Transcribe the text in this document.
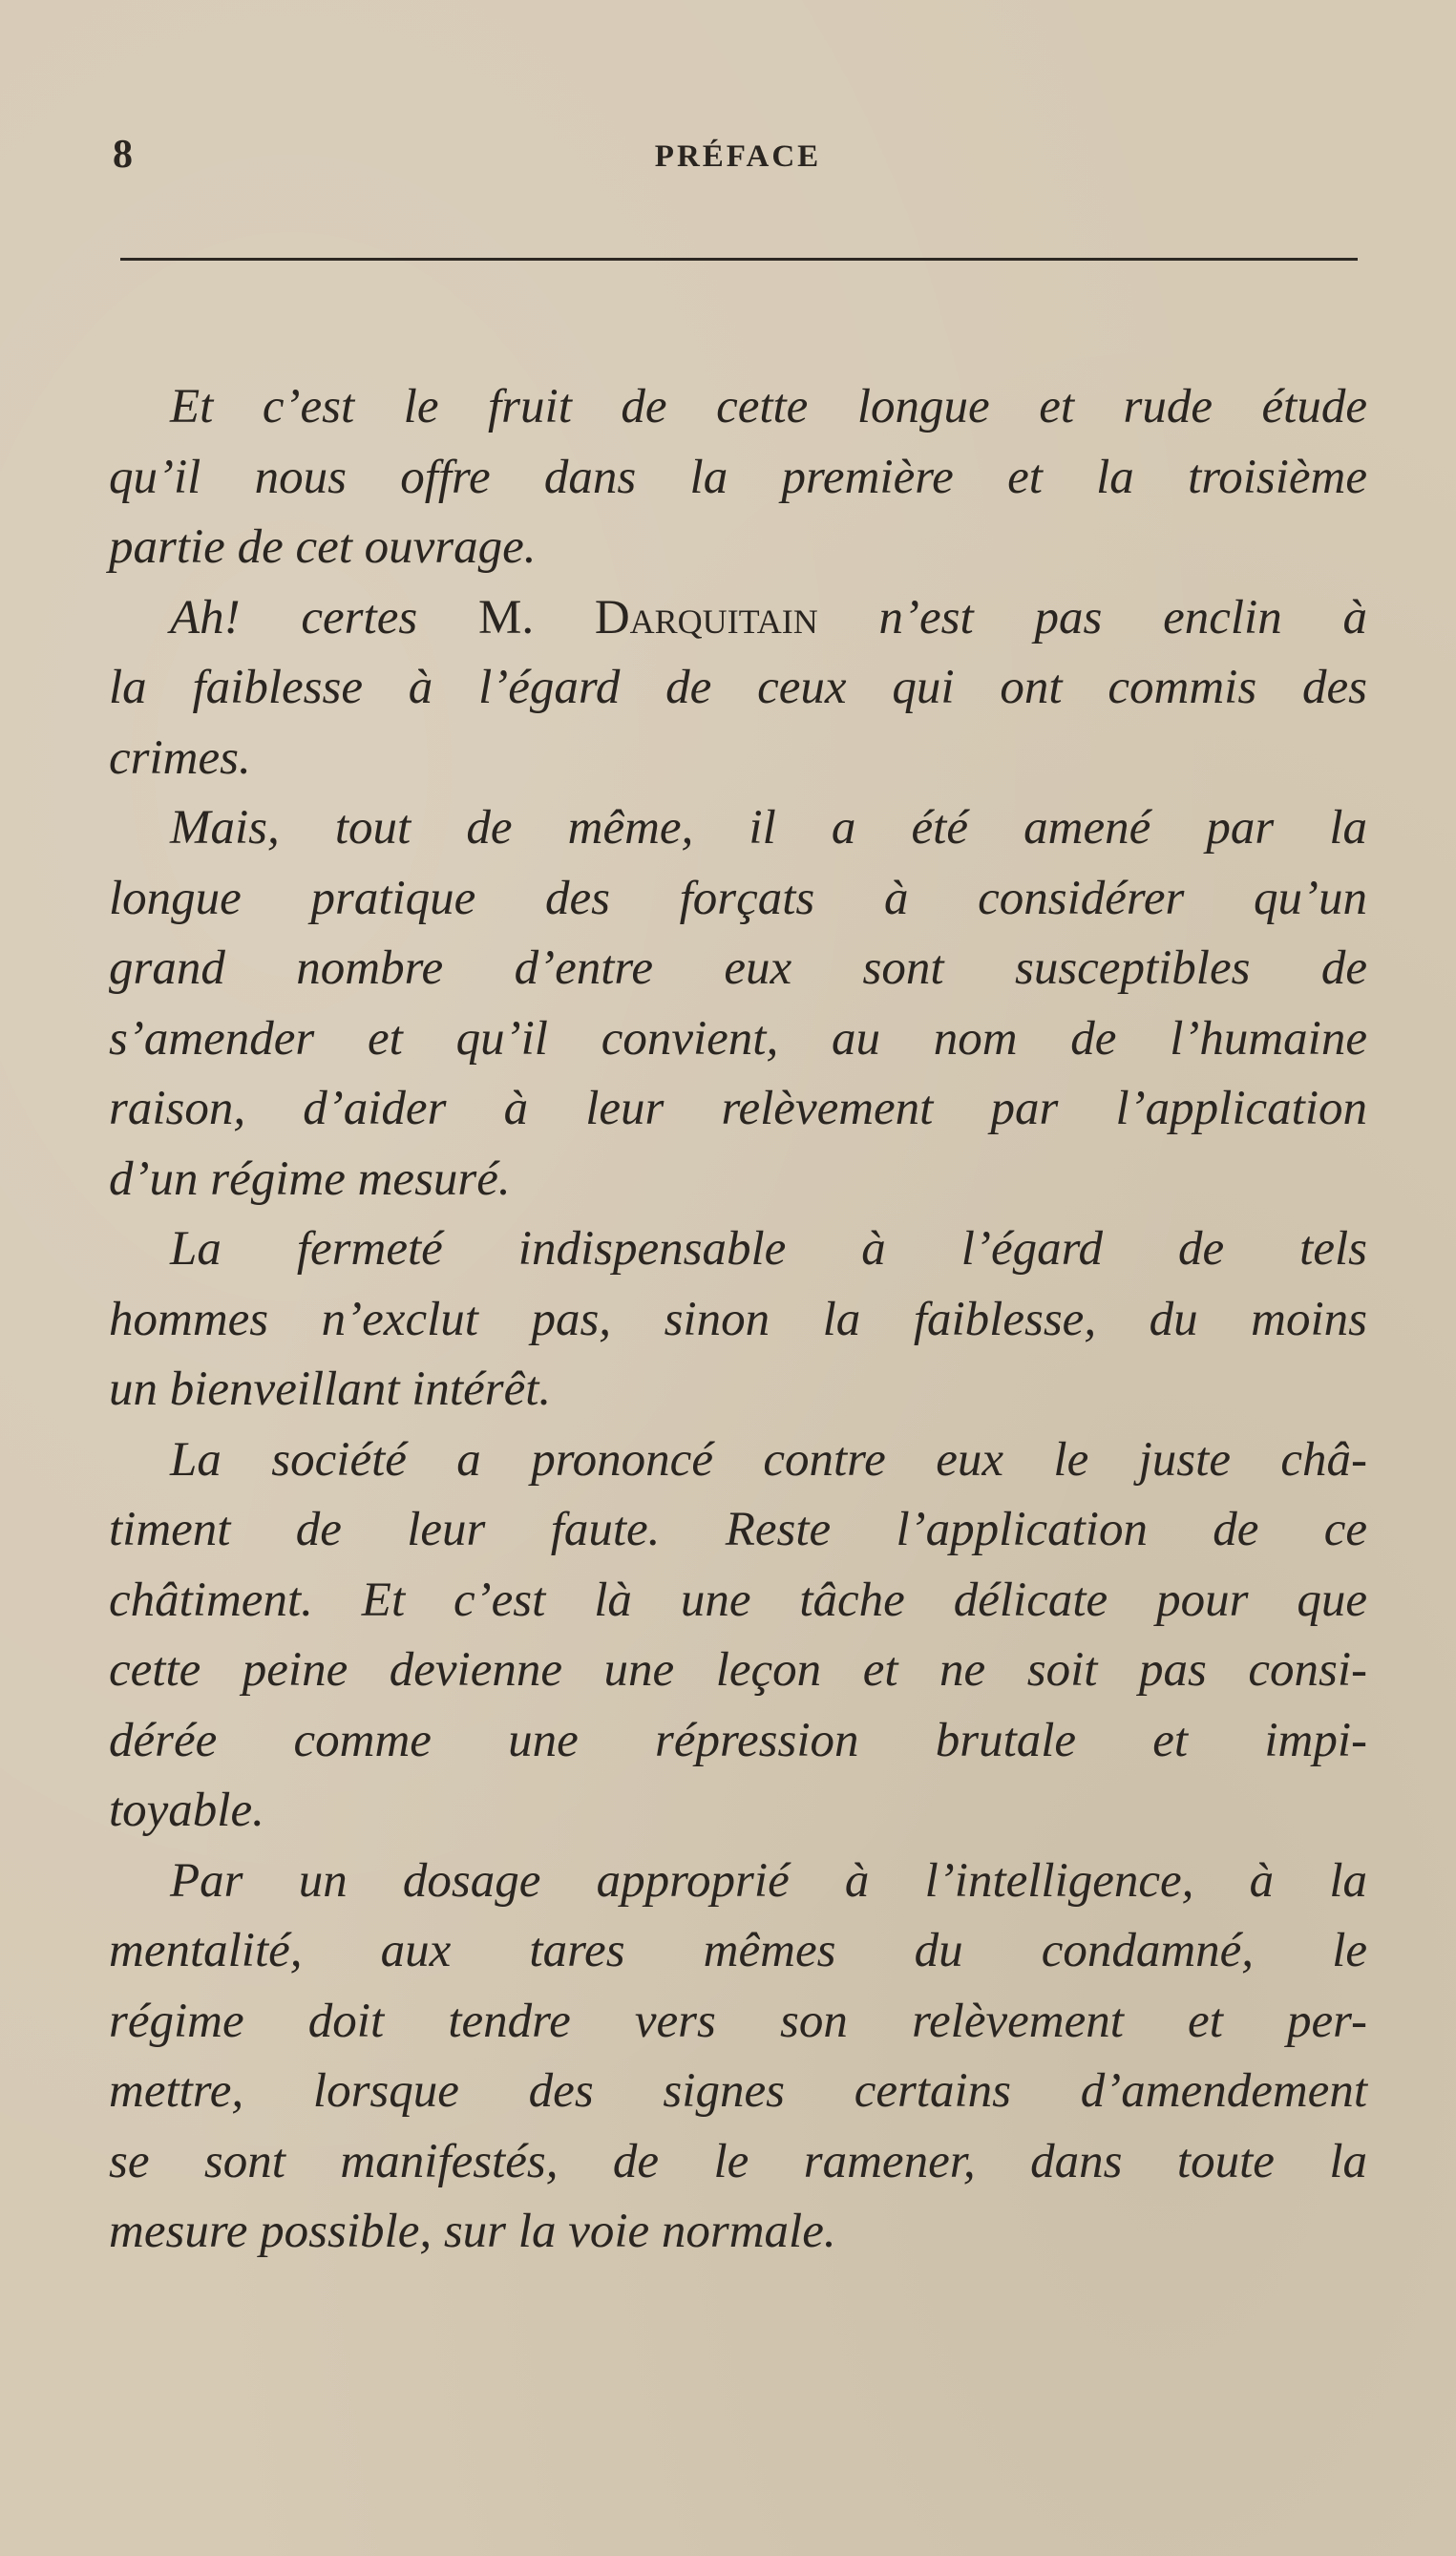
8	PRÉFACE
Et c’est le fruit de cette longue et rude étude
qu’il nous offre dans la première et la troisième
partie de cet ouvrage.
Ah! certes M. Darquitain n’est pas enclin à
la faiblesse à l’égard de ceux qui ont commis des
crimes.
Mais, tout de même, il a été amené par la
longue pratique des forçats à considérer qu’un
grand nombre d’entre eux sont susceptibles de
s’amender et qu’il convient, au nom de l’humaine
raison, d’aider à leur relèvement par l’application
d’un régime mesuré.
La fermeté indispensable à l’égard de tels
hommes n’exclut pas, sinon la faiblesse, du moins
un bienveillant intérêt.
La société a prononcé contre eux le juste châ-
timent de leur faute. Reste l’application de ce
châtiment. Et c’est là une tâche délicate pour que
cette peine devienne une leçon et ne soit pas consi-
dérée comme une répression brutale et impi-
toyable.
Par un dosage approprié à l’intelligence, à la
mentalité, aux tares mêmes du condamné, le
régime doit tendre vers son relèvement et per-
mettre, lorsque des signes certains d’amendement
se sont manifestés, de le ramener, dans toute la
mesure possible, sur la voie normale.
